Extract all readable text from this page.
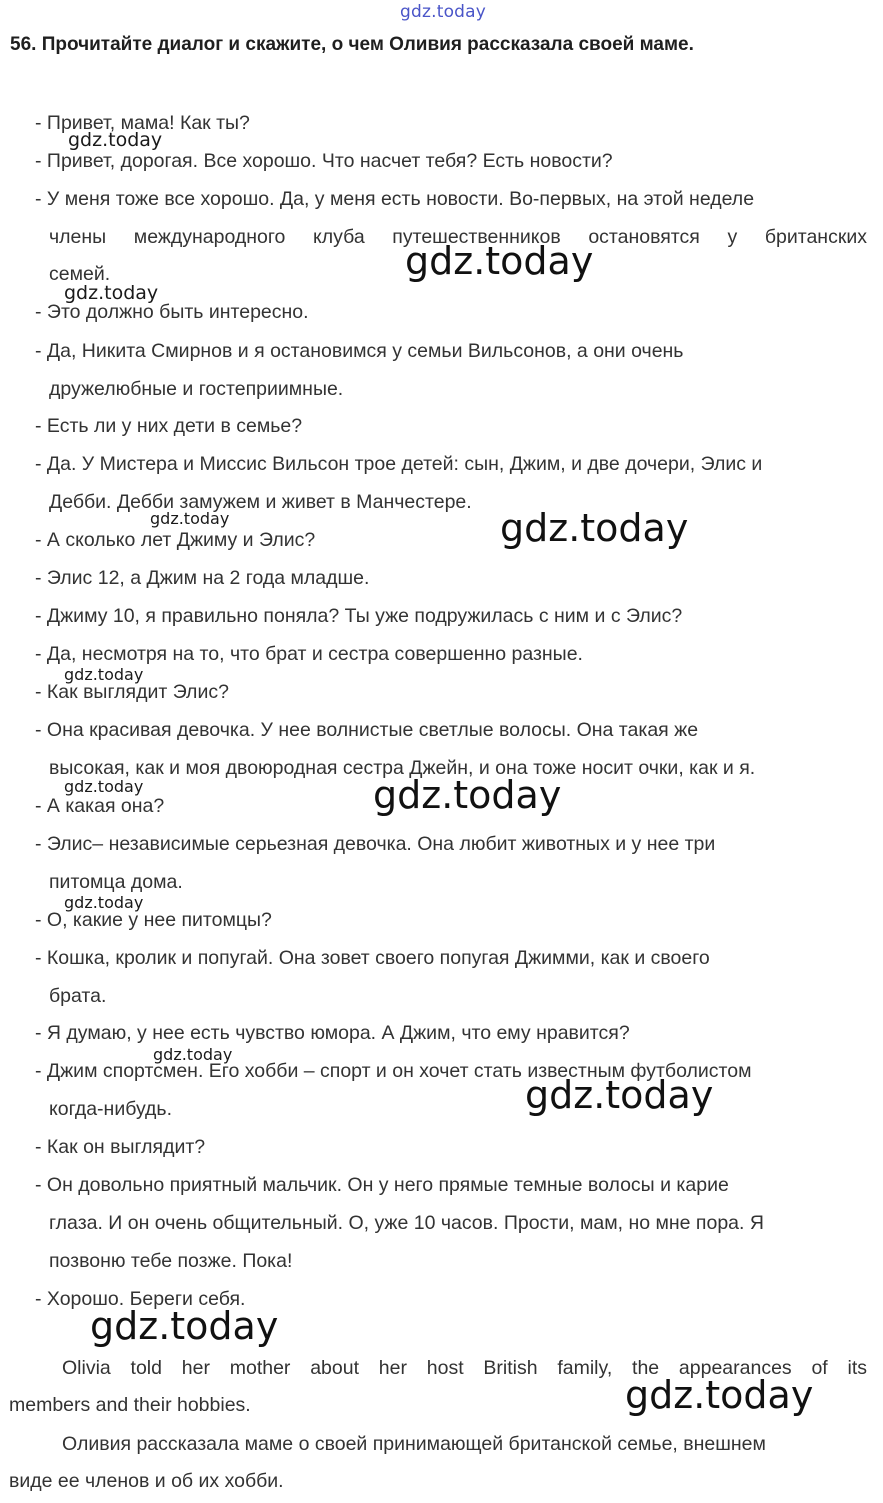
gdz.today
56. Прочитайте диалог и скажите, о чем Оливия рассказала своей маме.
- Привет, мама! Как ты?
- Привет, дорогая. Все хорошо. Что насчет тебя? Есть новости?
- У меня тоже все хорошо. Да, у меня есть новости. Во-первых, на этой неделе
члены международного клуба путешественников остановятся у британских
семей.
- Это должно быть интересно.
- Да, Никита Смирнов и я остановимся у семьи Вильсонов, а они очень
дружелюбные и гостеприимные.
- Есть ли у них дети в семье?
- Да. У Мистера и Миссис Вильсон трое детей: сын, Джим, и две дочери, Элис и
Дебби. Дебби замужем и живет в Манчестере.
- А сколько лет Джиму и Элис?
- Элис 12, а Джим на 2 года младше.
- Джиму 10, я правильно поняла? Ты уже подружилась с ним и с Элис?
- Да, несмотря на то, что брат и сестра совершенно разные.
- Как выглядит Элис?
- Она красивая девочка. У нее волнистые светлые волосы. Она такая же
высокая, как и моя двоюродная сестра Джейн, и она тоже носит очки, как и я.
- А какая она?
- Элис– независимые серьезная девочка. Она любит животных и у нее три
питомца дома.
- О, какие у нее питомцы?
- Кошка, кролик и попугай. Она зовет своего попугая Джимми, как и своего
брата.
- Я думаю, у нее есть чувство юмора. А Джим, что ему нравится?
- Джим спортсмен. Его хобби – спорт и он хочет стать известным футболистом
когда-нибудь.
- Как он выглядит?
- Он довольно приятный мальчик. Он у него прямые темные волосы и карие
глаза. И он очень общительный. О, уже 10 часов. Прости, мам, но мне пора. Я
позвоню тебе позже. Пока!
- Хорошо. Береги себя.
Olivia told her mother about her host British family, the appearances of its
members and their hobbies.
Оливия рассказала маме о своей принимающей британской семье, внешнем
виде ее членов и об их хобби.
gdz.today
gdz.today
gdz.today
gdz.today
gdz.today
gdz.today
gdz.today
gdz.today
gdz.today
gdz.today
gdz.today
gdz.today
gdz.today
